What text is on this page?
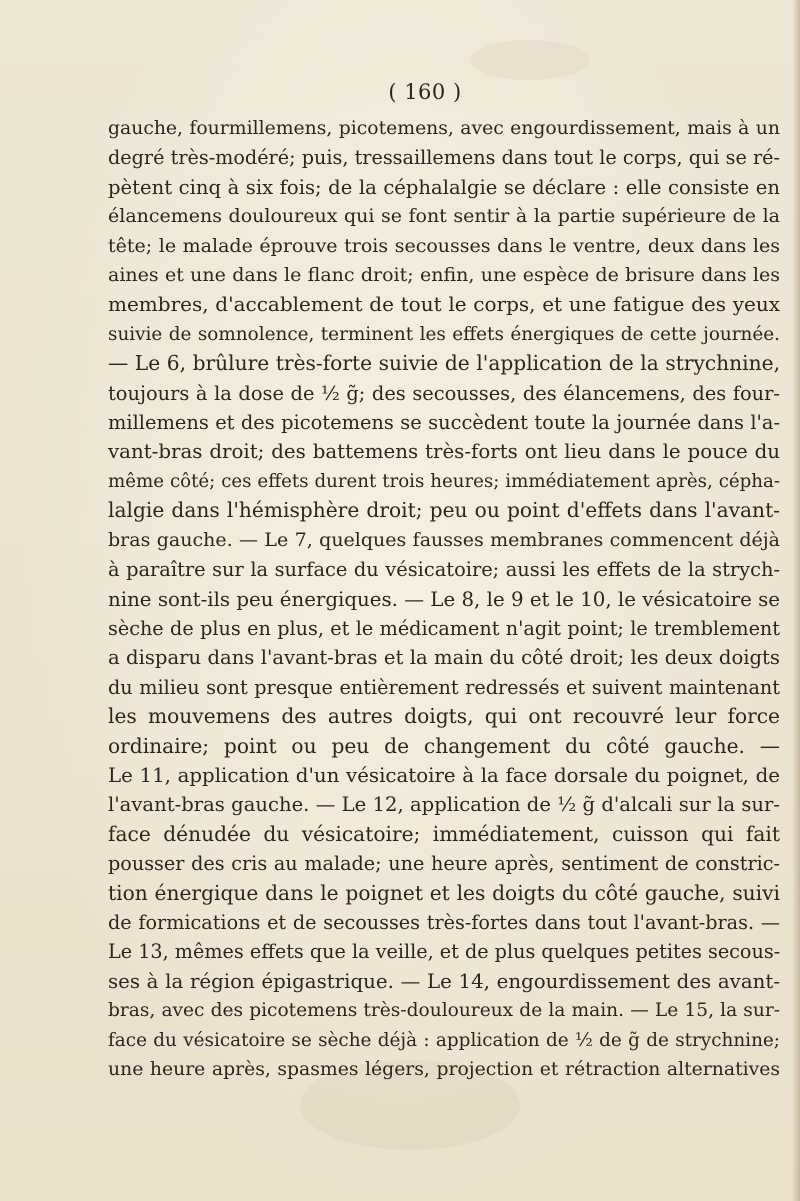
( 160 )
gauche, fourmillemens, picotemens, avec engourdissement, mais à un
degré très-modéré; puis, tressaillemens dans tout le corps, qui se ré-
pètent cinq à six fois; de la céphalalgie se déclare : elle consiste en
élancemens douloureux qui se font sentir à la partie supérieure de la
tête; le malade éprouve trois secousses dans le ventre, deux dans les
aines et une dans le flanc droit; enfin, une espèce de brisure dans les
membres, d'accablement de tout le corps, et une fatigue des yeux
suivie de somnolence, terminent les effets énergiques de cette journée.
— Le 6, brûlure très-forte suivie de l'application de la strychnine,
toujours à la dose de ½ g̃; des secousses, des élancemens, des four-
millemens et des picotemens se succèdent toute la journée dans l'a-
vant-bras droit; des battemens très-forts ont lieu dans le pouce du
même côté; ces effets durent trois heures; immédiatement après, cépha-
lalgie dans l'hémisphère droit; peu ou point d'effets dans l'avant-
bras gauche. — Le 7, quelques fausses membranes commencent déjà
à paraître sur la surface du vésicatoire; aussi les effets de la strych-
nine sont-ils peu énergiques. — Le 8, le 9 et le 10, le vésicatoire se
sèche de plus en plus, et le médicament n'agit point; le tremblement
a disparu dans l'avant-bras et la main du côté droit; les deux doigts
du milieu sont presque entièrement redressés et suivent maintenant
les mouvemens des autres doigts, qui ont recouvré leur force
ordinaire; point ou peu de changement du côté gauche. —
Le 11, application d'un vésicatoire à la face dorsale du poignet, de
l'avant-bras gauche. — Le 12, application de ½ g̃ d'alcali sur la sur-
face dénudée du vésicatoire; immédiatement, cuisson qui fait
pousser des cris au malade; une heure après, sentiment de constric-
tion énergique dans le poignet et les doigts du côté gauche, suivi
de formications et de secousses très-fortes dans tout l'avant-bras. —
Le 13, mêmes effets que la veille, et de plus quelques petites secous-
ses à la région épigastrique. — Le 14, engourdissement des avant-
bras, avec des picotemens très-douloureux de la main. — Le 15, la sur-
face du vésicatoire se sèche déjà : application de ½ de g̃ de strychnine;
une heure après, spasmes légers, projection et rétraction alternatives
